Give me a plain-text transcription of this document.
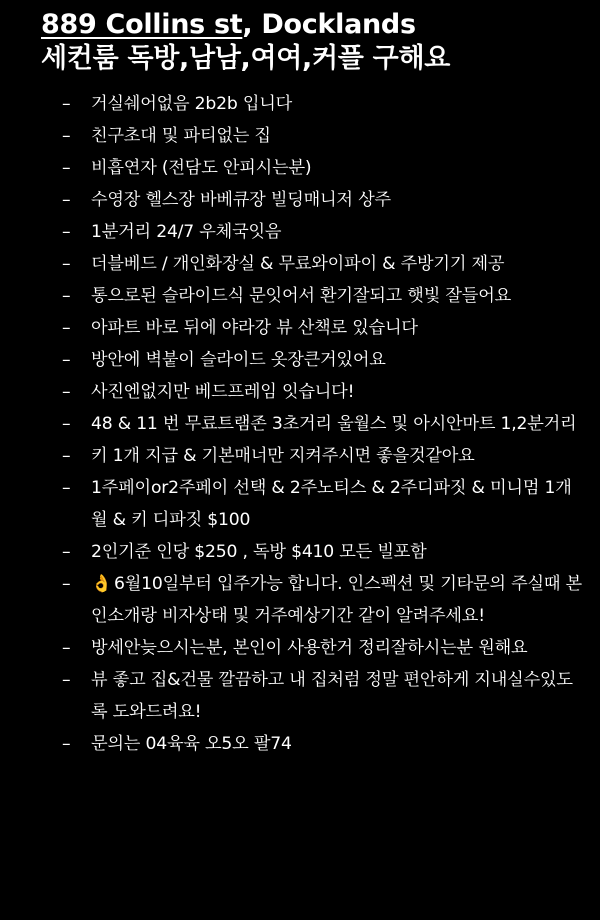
889 Collins st, Docklands
세컨룸 독방,남남,여여,커플 구해요
–	거실쉐어없음 2b2b 입니다
–	친구초대 및 파티없는 집
–	비흡연자 (전담도 안피시는분)
–	수영장 헬스장 바베큐장 빌딩매니저 상주
–	1분거리 24/7 우체국잇음
–	더블베드 / 개인화장실 & 무료와이파이 & 주방기기 제공
–	통으로된 슬라이드식 문잇어서 환기잘되고 햇빛 잘들어요
–	아파트 바로 뒤에 야라강 뷰 산책로 있습니다
–	방안에 벽붙이 슬라이드 옷장큰거있어요
–	사진엔없지만 베드프레임 잇습니다!
–	48 & 11 번 무료트램존 3초거리 울월스 및 아시안마트 1,2분거리
–	키 1개 지급 & 기본매너만 지켜주시면 좋을것같아요
–	1주페이or2주페이 선택 & 2주노티스 & 2주디파짓 & 미니멈 1개월 & 키 디파짓 $100
–	2인기준 인당 $250 , 독방 $410 모든 빌포함
–	👌 6월10일부터 입주가능 합니다. 인스펙션 및 기타문의 주실때 본인소개랑 비자상태 및 거주예상기간 같이 알려주세요!
–	방세안늦으시는분, 본인이 사용한거 정리잘하시는분 원해요
–	뷰 좋고 집&건물 깔끔하고 내 집처럼 정말 편안하게 지내실수있도록 도와드려요!
–	문의는 04육육 오5오 팔74
